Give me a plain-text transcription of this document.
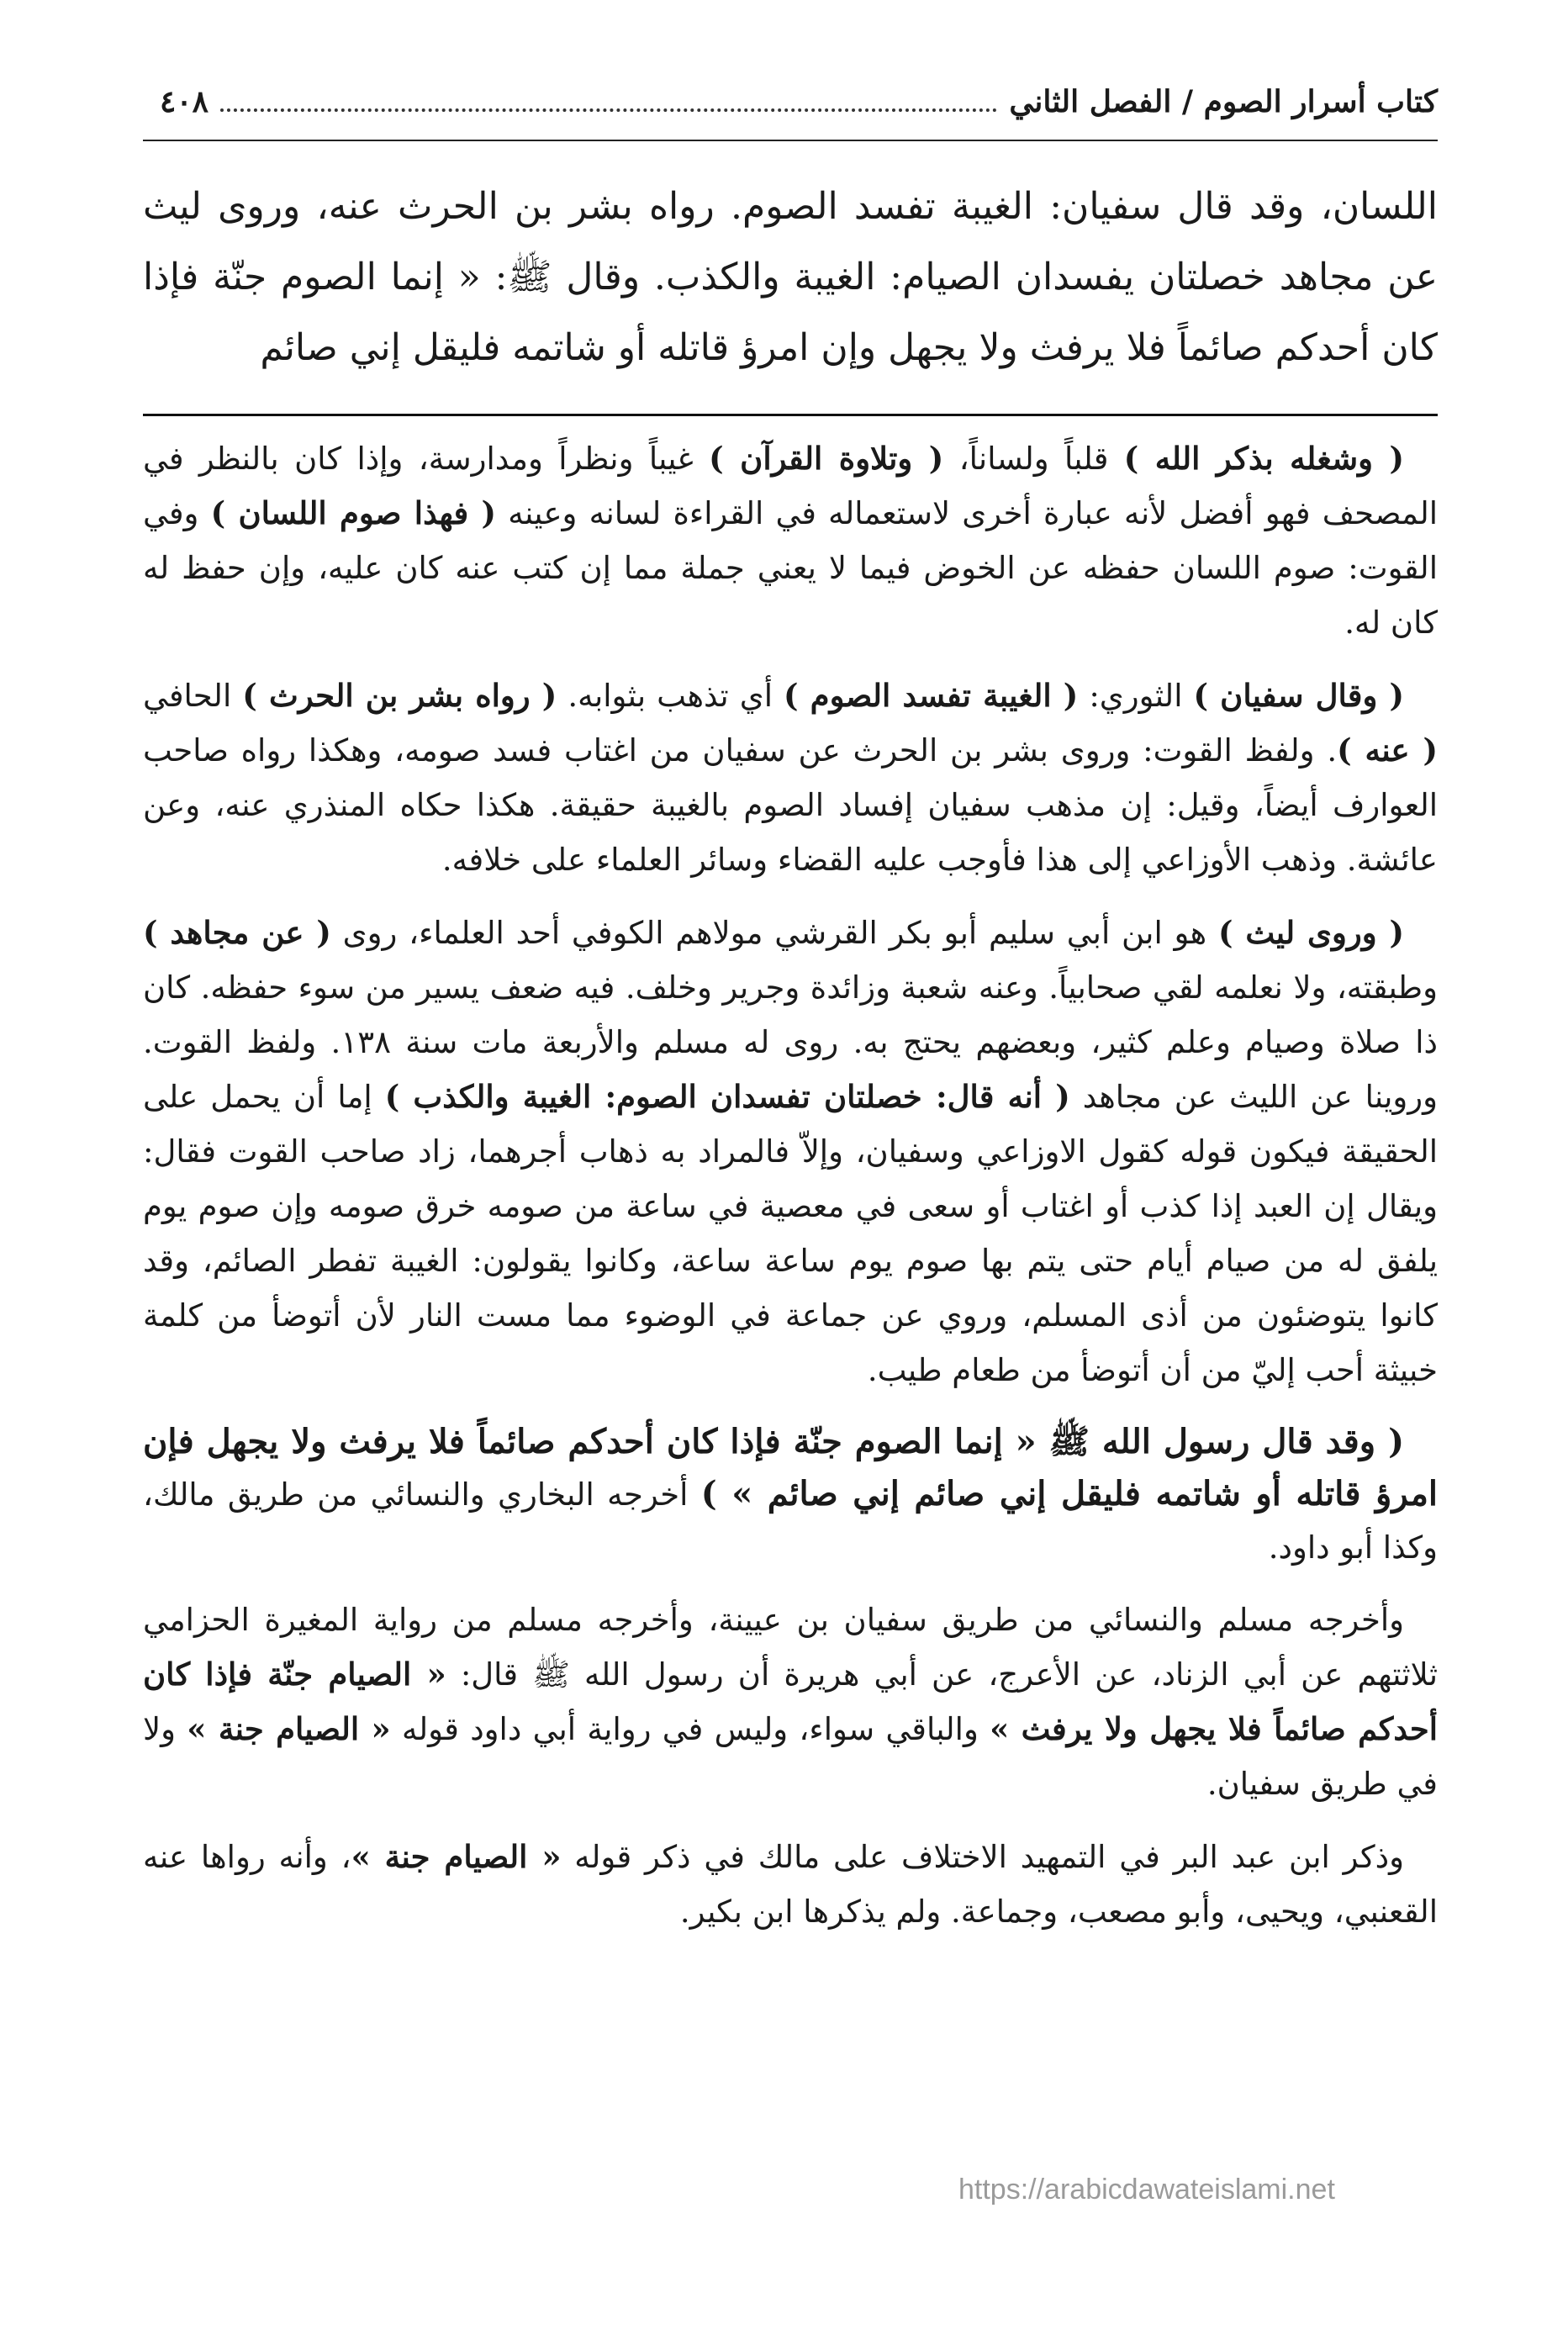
كتاب أسرار الصوم / الفصل الثاني
٤٠٨
اللسان، وقد قال سفيان: الغيبة تفسد الصوم. رواه بشر بن الحرث عنه، وروى ليث عن مجاهد خصلتان يفسدان الصيام: الغيبة والكذب. وقال ﷺ: « إنما الصوم جنّة فإذا كان أحدكم صائماً فلا يرفث ولا يجهل وإن امرؤ قاتله أو شاتمه فليقل إني صائم

( وشغله بذكر الله ) قلباً ولساناً، ( وتلاوة القرآن ) غيباً ونظراً ومدارسة، وإذا كان بالنظر في المصحف فهو أفضل لأنه عبارة أخرى لاستعماله في القراءة لسانه وعينه ( فهذا صوم اللسان ) وفي القوت: صوم اللسان حفظه عن الخوض فيما لا يعني جملة مما إن كتب عنه كان عليه، وإن حفظ له كان له.

( وقال سفيان ) الثوري: ( الغيبة تفسد الصوم ) أي تذهب بثوابه. ( رواه بشر بن الحرث ) الحافي ( عنه ). ولفظ القوت: وروى بشر بن الحرث عن سفيان من اغتاب فسد صومه، وهكذا رواه صاحب العوارف أيضاً، وقيل: إن مذهب سفيان إفساد الصوم بالغيبة حقيقة. هكذا حكاه المنذري عنه، وعن عائشة. وذهب الأوزاعي إلى هذا فأوجب عليه القضاء وسائر العلماء على خلافه.

( وروى ليث ) هو ابن أبي سليم أبو بكر القرشي مولاهم الكوفي أحد العلماء، روى ( عن مجاهد ) وطبقته، ولا نعلمه لقي صحابياً. وعنه شعبة وزائدة وجرير وخلف. فيه ضعف يسير من سوء حفظه. كان ذا صلاة وصيام وعلم كثير، وبعضهم يحتج به. روى له مسلم والأربعة مات سنة ١٣٨. ولفظ القوت. وروينا عن الليث عن مجاهد ( أنه قال: خصلتان تفسدان الصوم: الغيبة والكذب ) إما أن يحمل على الحقيقة فيكون قوله كقول الاوزاعي وسفيان، وإلاّ فالمراد به ذهاب أجرهما، زاد صاحب القوت فقال: ويقال إن العبد إذا كذب أو اغتاب أو سعى في معصية في ساعة من صومه خرق صومه وإن صوم يوم يلفق له من صيام أيام حتى يتم بها صوم يوم ساعة ساعة، وكانوا يقولون: الغيبة تفطر الصائم، وقد كانوا يتوضئون من أذى المسلم، وروي عن جماعة في الوضوء مما مست النار لأن أتوضأ من كلمة خبيثة أحب إليّ من أن أتوضأ من طعام طيب.

( وقد قال رسول الله ﷺ « إنما الصوم جنّة فإذا كان أحدكم صائماً فلا يرفث ولا يجهل فإن امرؤ قاتله أو شاتمه فليقل إني صائم إني صائم » ) أخرجه البخاري والنسائي من طريق مالك، وكذا أبو داود.

وأخرجه مسلم والنسائي من طريق سفيان بن عيينة، وأخرجه مسلم من رواية المغيرة الحزامي ثلاثتهم عن أبي الزناد، عن الأعرج، عن أبي هريرة أن رسول الله ﷺ قال: « الصيام جنّة فإذا كان أحدكم صائماً فلا يجهل ولا يرفث » والباقي سواء، وليس في رواية أبي داود قوله « الصيام جنة » ولا في طريق سفيان.

وذكر ابن عبد البر في التمهيد الاختلاف على مالك في ذكر قوله « الصيام جنة »، وأنه رواها عنه القعنبي، ويحيى، وأبو مصعب، وجماعة. ولم يذكرها ابن بكير.

https://arabicdawateislami.net
